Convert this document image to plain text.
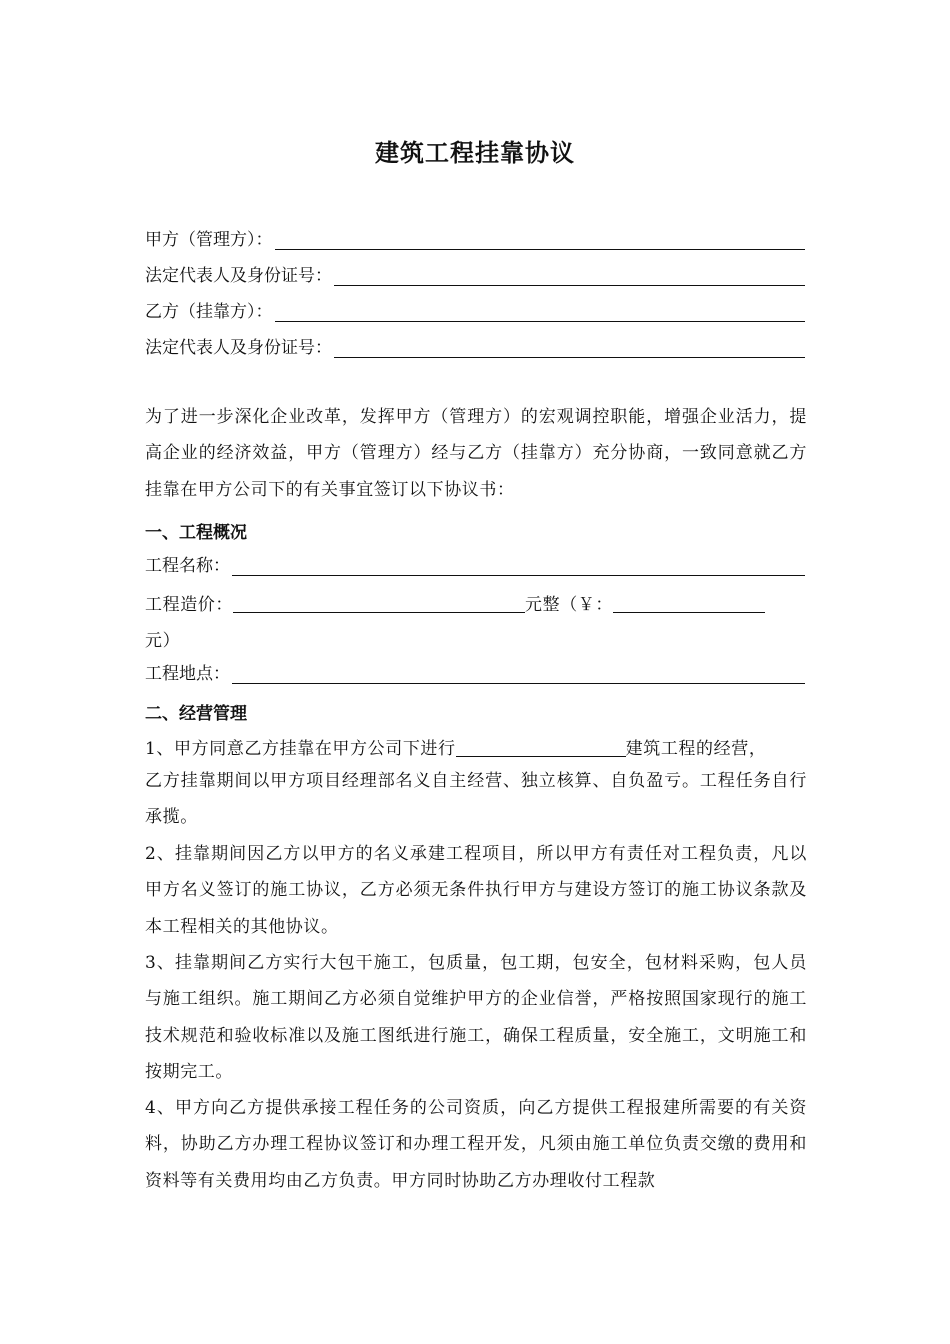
建筑工程挂靠协议
甲方（管理方）：
法定代表人及身份证号：
乙方（挂靠方）：
法定代表人及身份证号：

为了进一步深化企业改革，发挥甲方（管理方）的宏观调控职能，增强企业活力，提高企业的经济效益，甲方（管理方）经与乙方（挂靠方）充分协商，一致同意就乙方挂靠在甲方公司下的有关事宜签订以下协议书：

一、工程概况
工程名称：
工程造价：	元整（￥：
元）
工程地点：
二、经营管理
1、甲方同意乙方挂靠在甲方公司下进行	建筑工程的经营，

乙方挂靠期间以甲方项目经理部名义自主经营、独立核算、自负盈亏。工程任务自行承揽。

2、挂靠期间因乙方以甲方的名义承建工程项目，所以甲方有责任对工程负责，凡以甲方名义签订的施工协议，乙方必须无条件执行甲方与建设方签订的施工协议条款及本工程相关的其他协议。

3、挂靠期间乙方实行大包干施工，包质量，包工期，包安全，包材料采购，包人员与施工组织。施工期间乙方必须自觉维护甲方的企业信誉，严格按照国家现行的施工技术规范和验收标准以及施工图纸进行施工，确保工程质量，安全施工，文明施工和按期完工。

4、甲方向乙方提供承接工程任务的公司资质，向乙方提供工程报建所需要的有关资料，协助乙方办理工程协议签订和办理工程开发，凡须由施工单位负责交缴的费用和资料等有关费用均由乙方负责。甲方同时协助乙方办理收付工程款
